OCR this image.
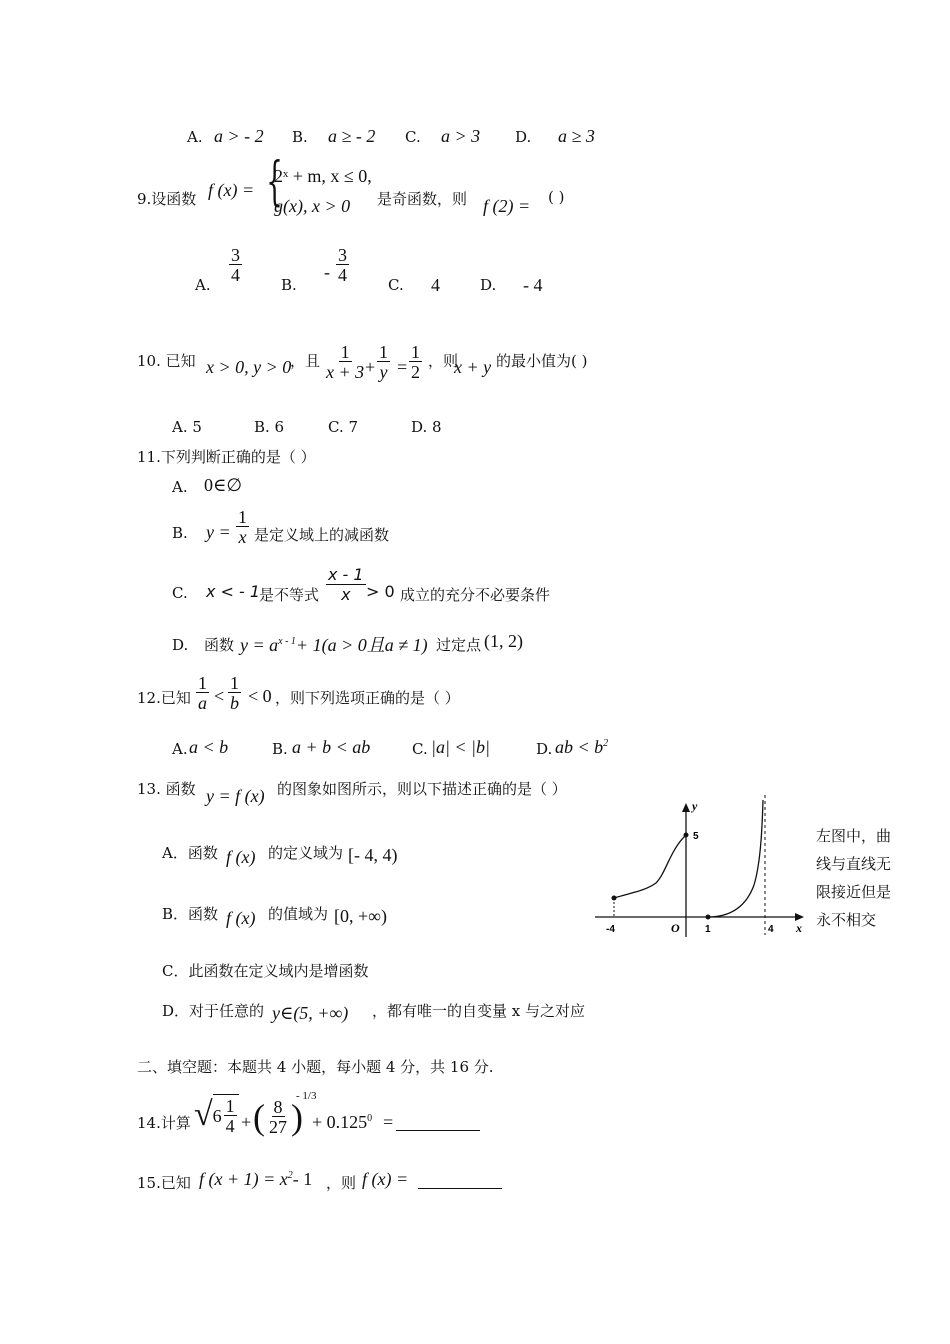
A. a > - 2 B. a ≥ - 2 C. a > 3 D. a ≥ 3
9.设函数 f (x) = {
2ˣ + m, x ≤ 0,
g(x), x > 0 是奇函数，则 f (2) = ( )
A. $\frac{3}{4}$	B.
- $\frac{3}{4}$	C. 4	D. - 4
10. 已知 x > 0, y > 0
，且 $\frac{1}{x + 3}$
+ $\frac{1}{y} = \frac{1}{2}$ ，则
x + y 的最小值为( )
A. 5	B. 6	C. 7	D. 8
11.下列判断正确的是（ ）
A. 0∈∅
B. $y = \frac{1}{x}$ 是定义域上的减函数
C. x < - 1
是不等式 $\frac{x - 1}{x} > 0$ 成立的充分不必要条件
D. 函数 $y = a^{x - 1}+ 1(a > 0$且a ≠ 1) 过定点 (1, 2)
12.已知 $\frac{1}{a} < \frac{1}{b} < 0$ ，则下列选项正确的是（ ）
A. a < b	B. a + b < ab	C. |a| < |b|	D. ab < $b^2$
13. 函数 y = f (x) 的图象如图所示，则以下描述正确的是（ ）
A．函数 f (x) 的定义域为 [- 4, 4)
B．函数 f (x) 的值域为 [0, +∞)
C．此函数在定义域内是增函数
D．对于任意的 y∈(5, +∞) ，都有唯一的自变量 x 与之对应
y
x
O
5
-4	1	4
左图中，曲
线与直线无
限接近但是
永不相交
二、填空题：本题共 4 小题，每小题 4 分，共 16 分.
14.计算 $√6 \frac{1}{4}$ + ( $\frac{8}{27}$ )
- 1/3
+ $0.125^0$ =
15.已知 f $(x + 1) = x^2-$ 1 ，则 f (x) =
